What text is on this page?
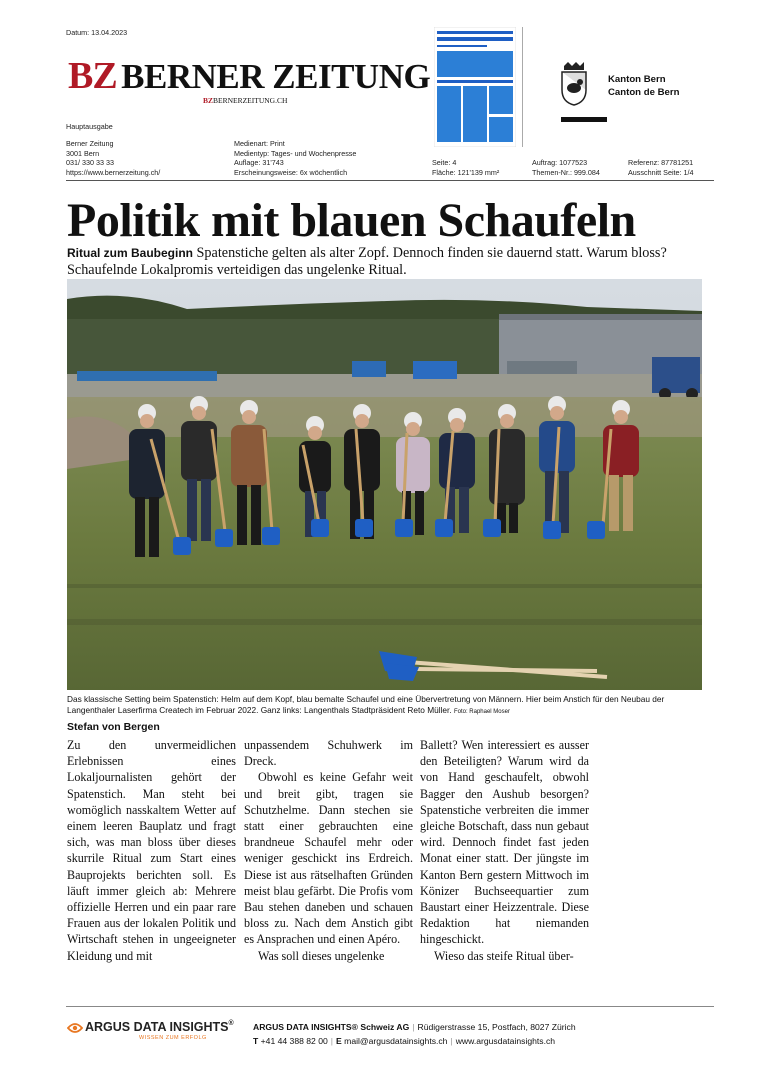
Datum: 13.04.2023
BZ BERNER ZEITUNG
BZBERNERZEITUNG.CH
Kanton Bern
Canton de Bern
Hauptausgabe
Berner Zeitung
3001 Bern
031/ 330 33 33
https://www.bernerzeitung.ch/
Medienart: Print
Medientyp: Tages- und Wochenpresse
Auflage: 31'743
Erscheinungsweise: 6x wöchentlich
Seite: 4
Fläche: 121'139 mm²
Auftrag: 1077523
Themen-Nr.: 999.084
Referenz: 87781251
Ausschnitt Seite: 1/4
Politik mit blauen Schaufeln
Ritual zum Baubeginn Spatenstiche gelten als alter Zopf. Dennoch finden sie dauernd statt. Warum bloss? Schaufelnde Lokalpromis verteidigen das ungelenke Ritual.
Das klassische Setting beim Spatenstich: Helm auf dem Kopf, blau bemalte Schaufel und eine Übervertretung von Männern. Hier beim Anstich für den Neubau der Langenthaler Laserfirma Createch im Februar 2022. Ganz links: Langenthals Stadtpräsident Reto Müller. Foto: Raphael Moser
Stefan von Bergen

Zu den unvermeidlichen Erlebnissen eines Lokaljournalisten gehört der Spatenstich. Man steht bei womöglich nasskaltem Wetter auf einem leeren Bauplatz und fragt sich, was man bloss über dieses skurrile Ritual zum Start eines Bauprojekts berichten soll. Es läuft immer gleich ab: Mehrere offizielle Herren und ein paar rare Frauen aus der lokalen Politik und Wirtschaft stehen in ungeeigneter Kleidung und mit

unpassendem Schuhwerk im Dreck.

Obwohl es keine Gefahr weit und breit gibt, tragen sie Schutzhelme. Dann stechen sie statt einer gebrauchten eine brandneue Schaufel mehr oder weniger geschickt ins Erdreich. Diese ist aus rätselhaften Gründen meist blau gefärbt. Die Profis vom Bau stehen daneben und schauen bloss zu. Nach dem Anstich gibt es Ansprachen und einen Apéro.

Was soll dieses ungelenke

Ballett? Wen interessiert es ausser den Beteiligten? Warum wird da von Hand geschaufelt, obwohl Bagger den Aushub besorgen? Spatenstiche verbreiten die immer gleiche Botschaft, dass nun gebaut wird. Dennoch findet fast jeden Monat einer statt. Der jüngste im Kanton Bern gestern Mittwoch im Könizer Buchseequartier zum Baustart einer Heizzentrale. Diese Redaktion hat niemanden hingeschickt.

Wieso das steife Ritual über-

ARGUS DATA INSIGHTS®
WISSEN ZUM ERFOLG
ARGUS DATA INSIGHTS® Schweiz AG | Rüdigerstrasse 15, Postfach, 8027 Zürich
T +41 44 388 82 00 | E mail@argusdatainsights.ch | www.argusdatainsights.ch
